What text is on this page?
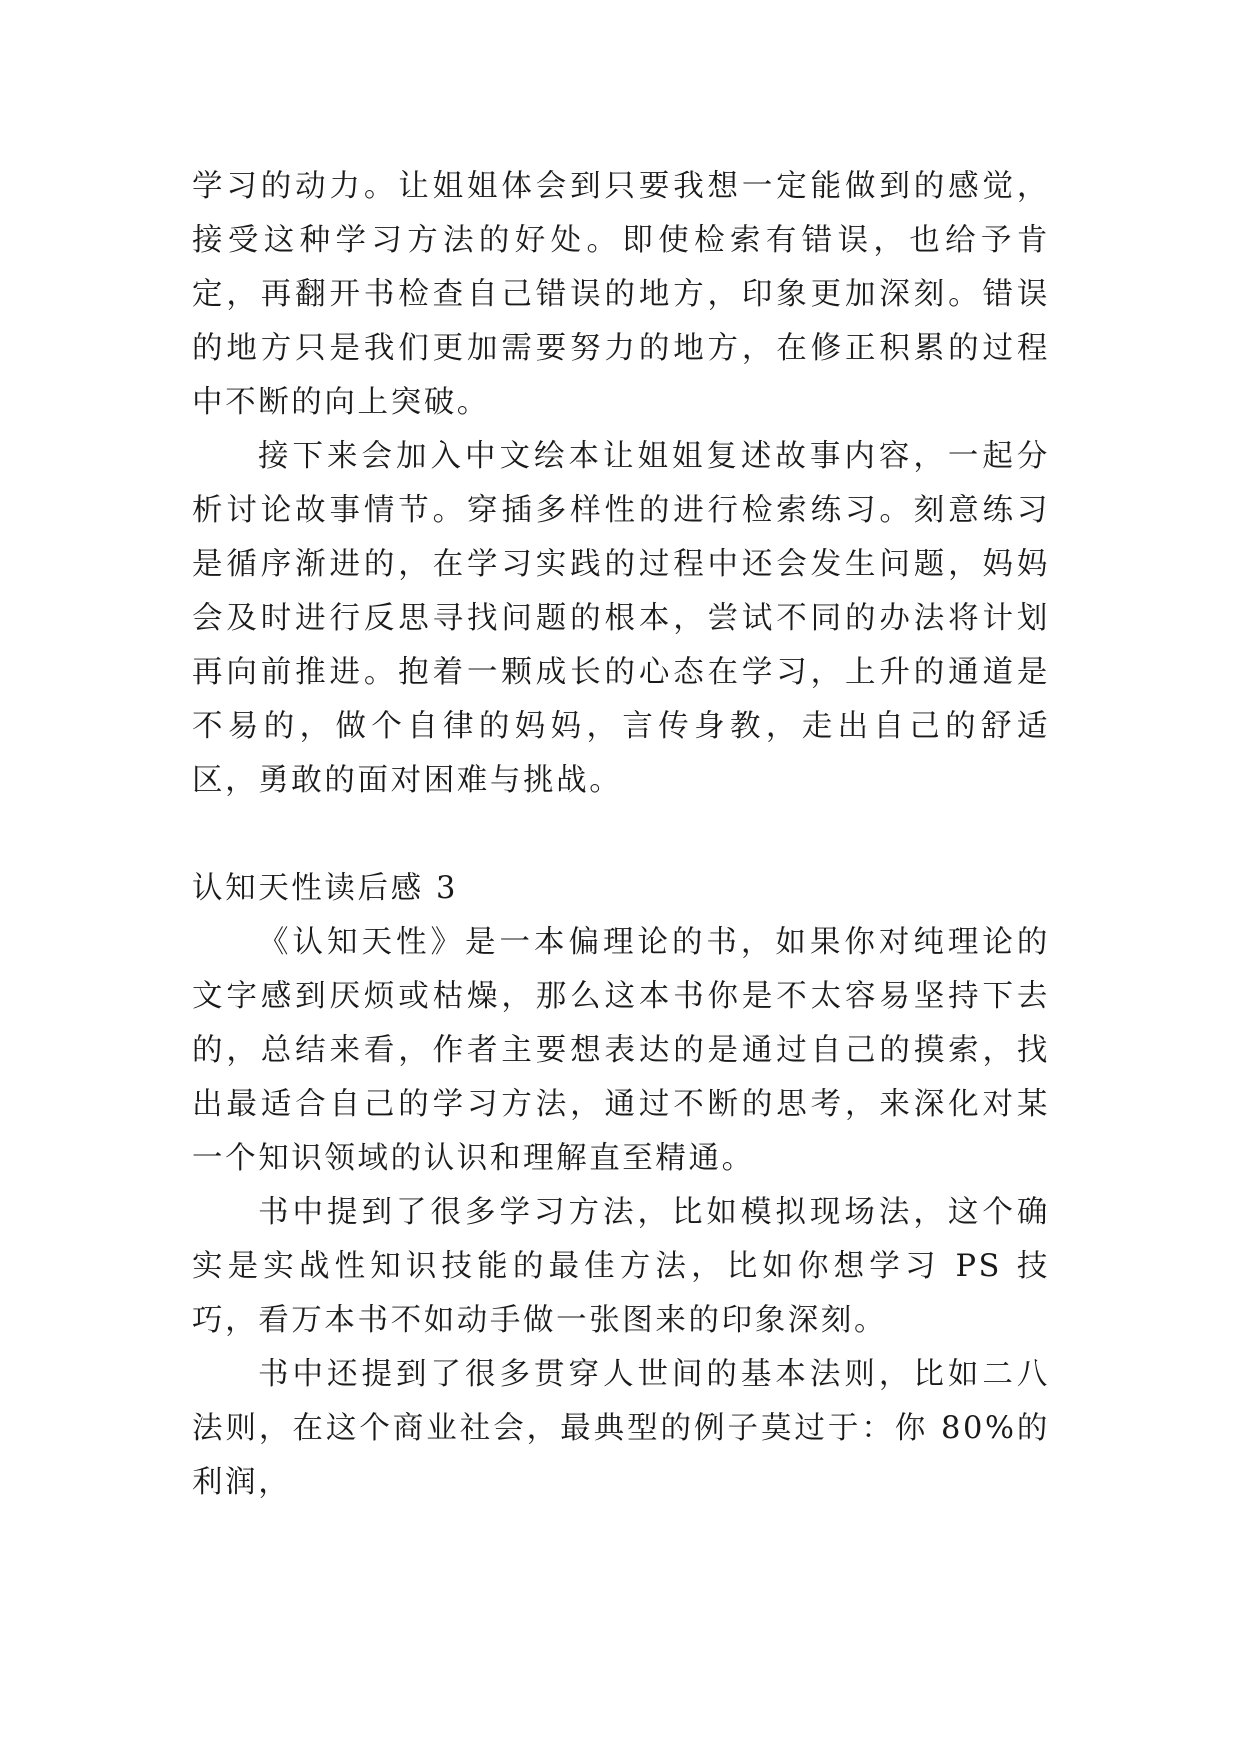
学习的动力。让姐姐体会到只要我想一定能做到的感觉，接受这种学习方法的好处。即使检索有错误，也给予肯定，再翻开书检查自己错误的地方，印象更加深刻。错误的地方只是我们更加需要努力的地方，在修正积累的过程中不断的向上突破。

接下来会加入中文绘本让姐姐复述故事内容，一起分析讨论故事情节。穿插多样性的进行检索练习。刻意练习是循序渐进的，在学习实践的过程中还会发生问题，妈妈会及时进行反思寻找问题的根本，尝试不同的办法将计划再向前推进。抱着一颗成长的心态在学习，上升的通道是不易的，做个自律的妈妈，言传身教，走出自己的舒适区，勇敢的面对困难与挑战。

认知天性读后感 3

《认知天性》是一本偏理论的书，如果你对纯理论的文字感到厌烦或枯燥，那么这本书你是不太容易坚持下去的，总结来看，作者主要想表达的是通过自己的摸索，找出最适合自己的学习方法，通过不断的思考，来深化对某一个知识领域的认识和理解直至精通。

书中提到了很多学习方法，比如模拟现场法，这个确实是实战性知识技能的最佳方法，比如你想学习 PS 技巧，看万本书不如动手做一张图来的印象深刻。

书中还提到了很多贯穿人世间的基本法则，比如二八法则，在这个商业社会，最典型的例子莫过于：你 80%的利润，
